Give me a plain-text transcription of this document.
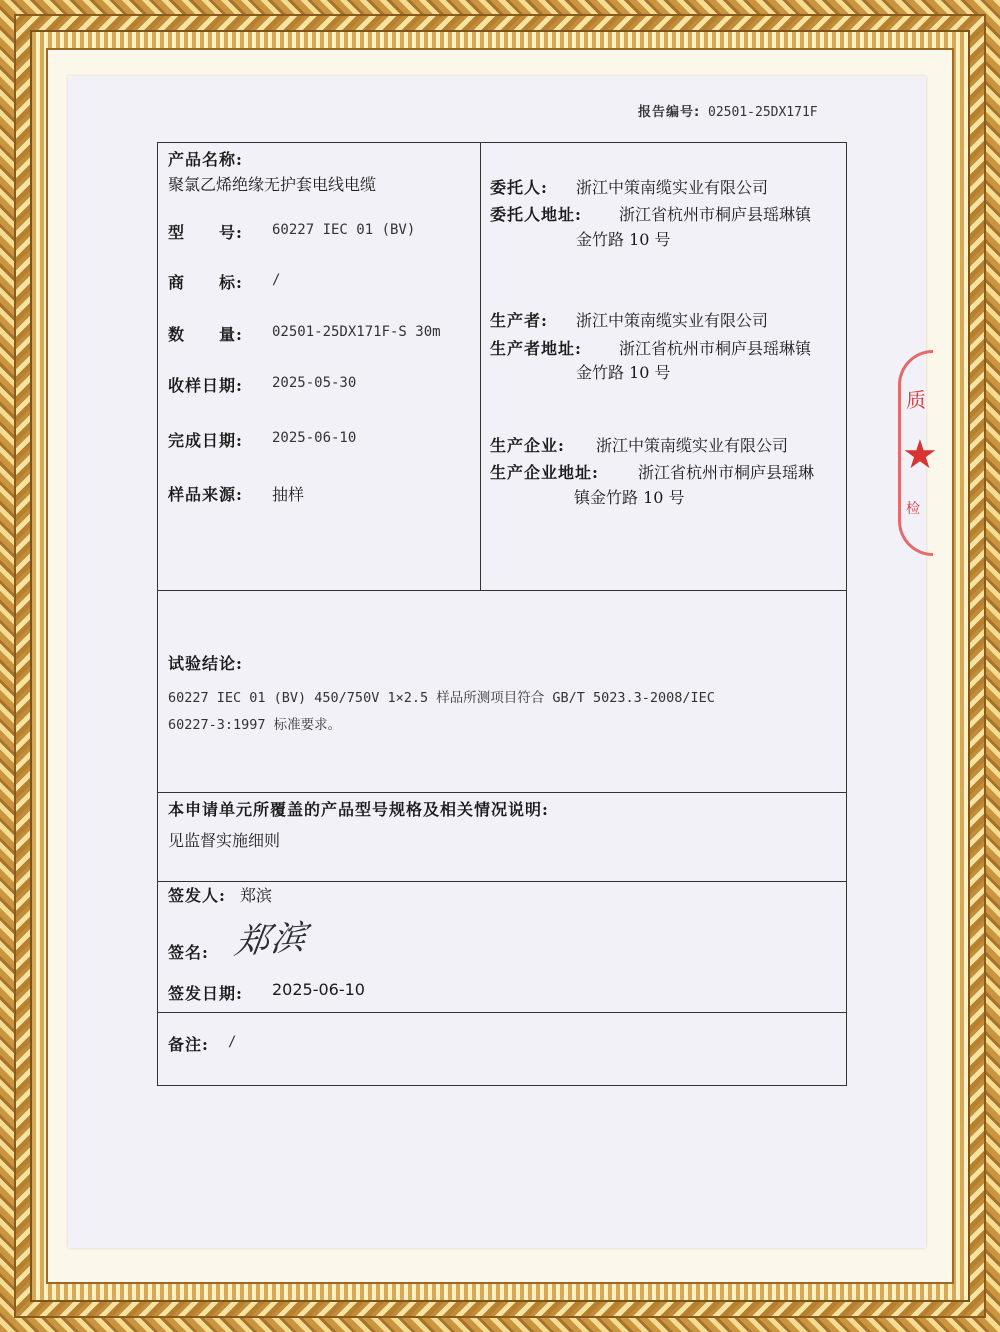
报告编号: 02501-25DX171F
质
★
检
产品名称:
聚氯乙烯绝缘无护套电线电缆
型　　号: 60227 IEC 01 (BV)
商　　标: /
数　　量: 02501-25DX171F-S 30m
收样日期: 2025-05-30
完成日期: 2025-06-10
样品来源: 抽样
委托人: 浙江中策南缆实业有限公司
委托人地址: 浙江省杭州市桐庐县瑶琳镇
金竹路 10 号
生产者: 浙江中策南缆实业有限公司
生产者地址: 浙江省杭州市桐庐县瑶琳镇
金竹路 10 号
生产企业: 浙江中策南缆实业有限公司
生产企业地址: 浙江省杭州市桐庐县瑶琳
镇金竹路 10 号
试验结论:
60227 IEC 01 (BV) 450/750V 1×2.5 样品所测项目符合 GB/T 5023.3-2008/IEC
60227-3:1997 标准要求。
本申请单元所覆盖的产品型号规格及相关情况说明:
见监督实施细则
签发人: 郑滨
签名: 郑滨
签发日期: 2025-06-10
备注: /
